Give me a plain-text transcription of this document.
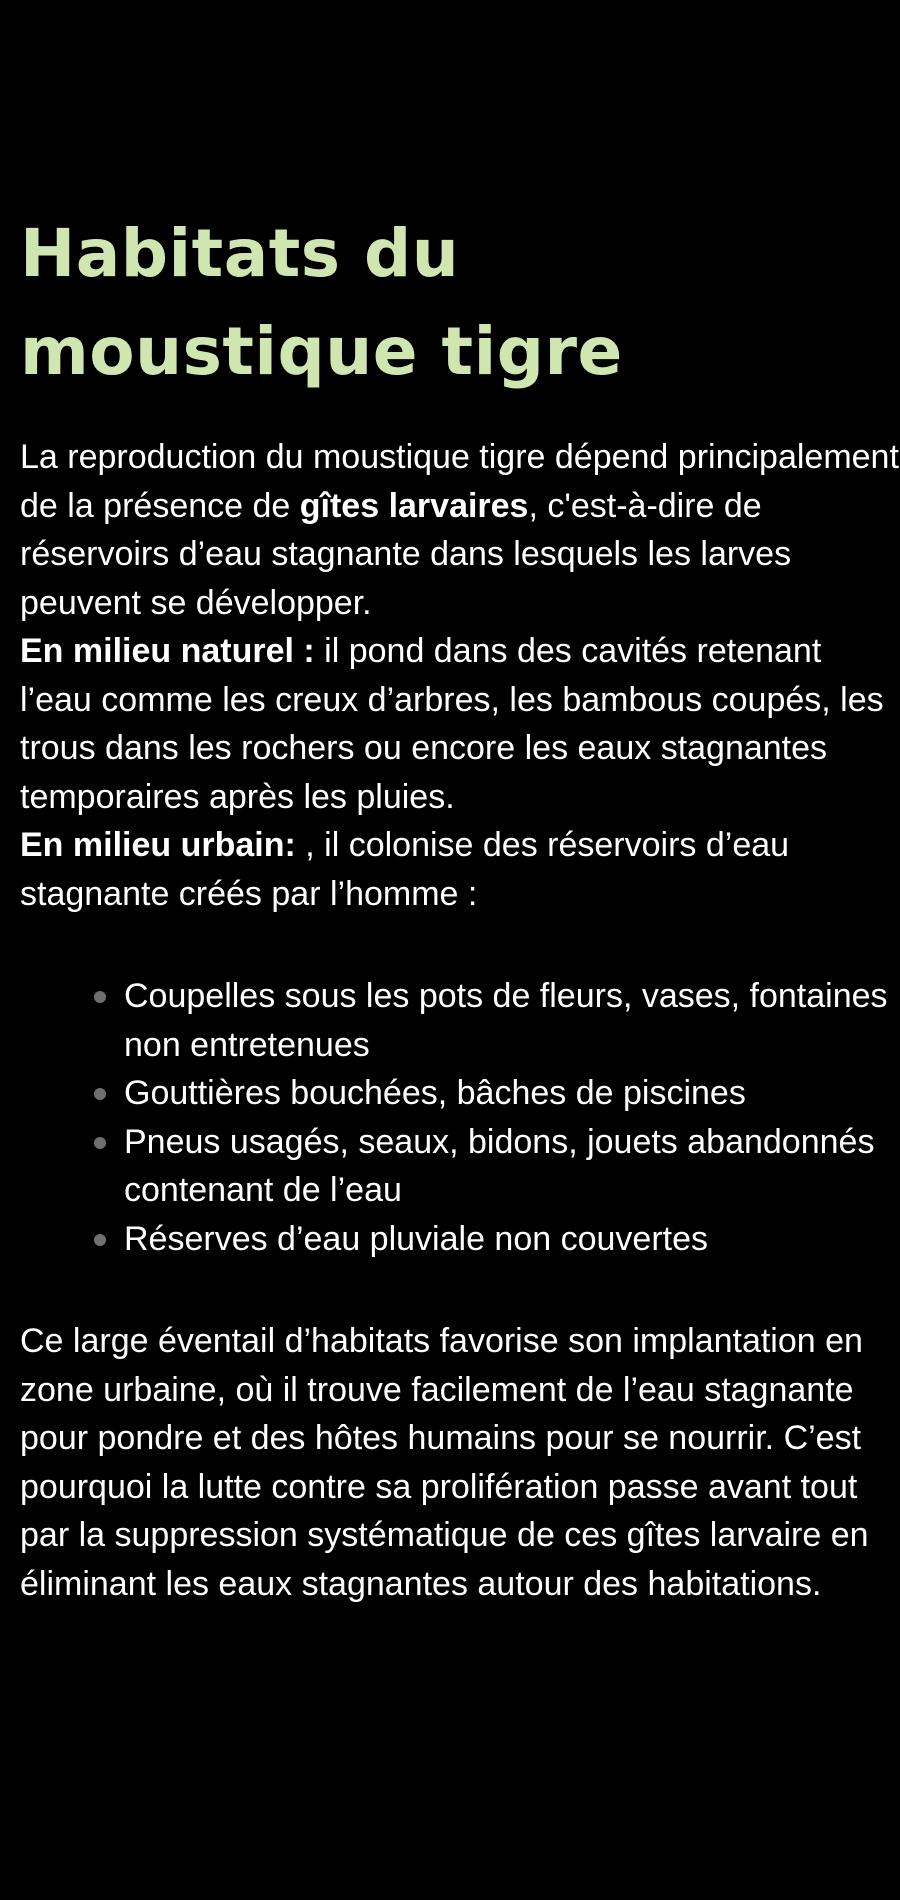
Habitats du
moustique tigre

La reproduction du moustique tigre dépend principalement de la présence de gîtes larvaires, c'est-à-dire de réservoirs d’eau stagnante dans lesquels les larves peuvent se développer.

En milieu naturel : il pond dans des cavités retenant l’eau comme les creux d’arbres, les bambous coupés, les trous dans les rochers ou encore les eaux stagnantes temporaires après les pluies.

En milieu urbain: , il colonise des réservoirs d’eau stagnante créés par l’homme :

Coupelles sous les pots de fleurs, vases, fontaines non entretenues
Gouttières bouchées, bâches de piscines
Pneus usagés, seaux, bidons, jouets abandonnés contenant de l’eau
Réserves d’eau pluviale non couvertes

Ce large éventail d’habitats favorise son implantation en zone urbaine, où il trouve facilement de l’eau stagnante pour pondre et des hôtes humains pour se nourrir. C’est pourquoi la lutte contre sa prolifération passe avant tout par la suppression systématique de ces gîtes larvaire en éliminant les eaux stagnantes autour des habitations.
